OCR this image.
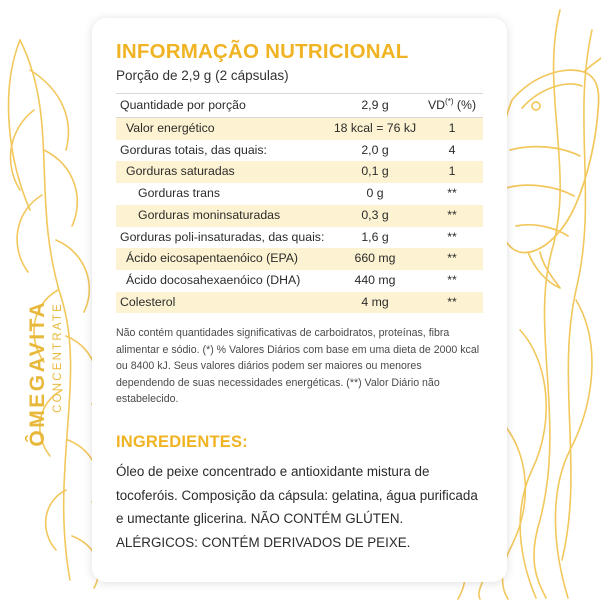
ÔMEGAVITA CONCENTRATE
INFORMAÇÃO NUTRICIONAL
Porção de 2,9 g (2 cápsulas)
Quantidade por porção	2,9 g	VD(*) (%)
Valor energético	18 kcal = 76 kJ	1
Gorduras totais, das quais:	2,0 g	4
Gorduras saturadas	0,1 g	1
Gorduras trans	0 g	**
Gorduras moninsaturadas	0,3 g	**
Gorduras poli-insaturadas, das quais:	1,6 g	**
Ácido eicosapentaenóico (EPA)	660 mg	**
Ácido docosahexaenóico (DHA)	440 mg	**
Colesterol	4 mg	**
Não contém quantidades significativas de carboidratos, proteínas, fibra alimentar e sódio. (*) % Valores Diários com base em uma dieta de 2000 kcal ou 8400 kJ. Seus valores diários podem ser maiores ou menores dependendo de suas necessidades energéticas. (**) Valor Diário não estabelecido.
INGREDIENTES:
Óleo de peixe concentrado e antioxidante mistura de tocoferóis. Composição da cápsula: gelatina, água purificada e umectante glicerina. NÃO CONTÉM GLÚTEN. ALÉRGICOS: CONTÉM DERIVADOS DE PEIXE.
